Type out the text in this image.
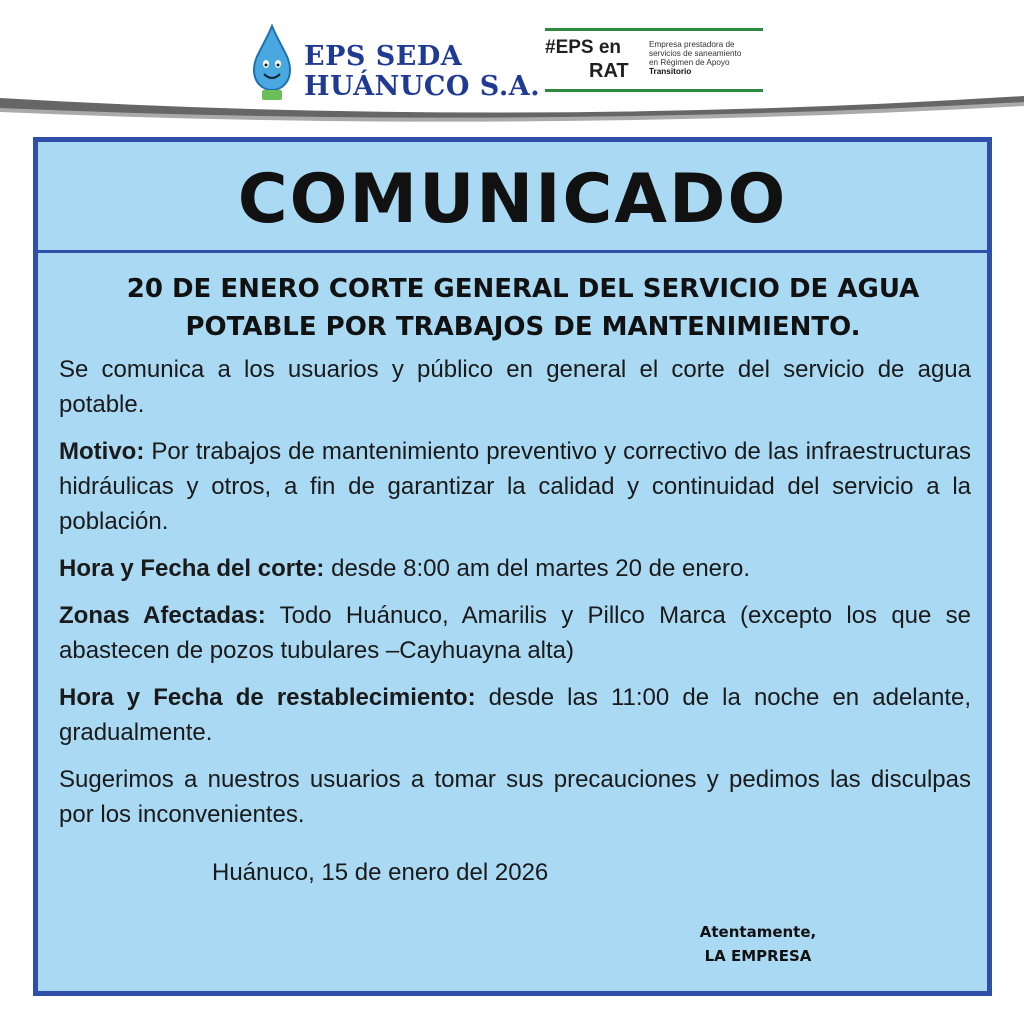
EPS SEDA
HUÁNUCO S.A.
#EPS en
RAT
Empresa prestadora de
servicios de saneamiento
en Régimen de Apoyo
Transitorio
COMUNICADO
20 DE ENERO CORTE GENERAL DEL SERVICIO DE AGUA
POTABLE POR TRABAJOS DE MANTENIMIENTO.

Se comunica a los usuarios y público en general el corte del servicio de agua potable.

Motivo: Por trabajos de mantenimiento preventivo y correctivo de las infraestructuras hidráulicas y otros, a fin de garantizar la calidad y continuidad del servicio a la población.

Hora y Fecha del corte: desde 8:00 am del martes 20 de enero.

Zonas Afectadas: Todo Huánuco, Amarilis y Pillco Marca (excepto los que se abastecen de pozos tubulares –Cayhuayna alta)

Hora y Fecha de restablecimiento: desde las 11:00 de la noche en adelante, gradualmente.

Sugerimos a nuestros usuarios a tomar sus precauciones y pedimos las disculpas por los inconvenientes.

Huánuco, 15 de enero del 2026
Atentamente,
LA EMPRESA
